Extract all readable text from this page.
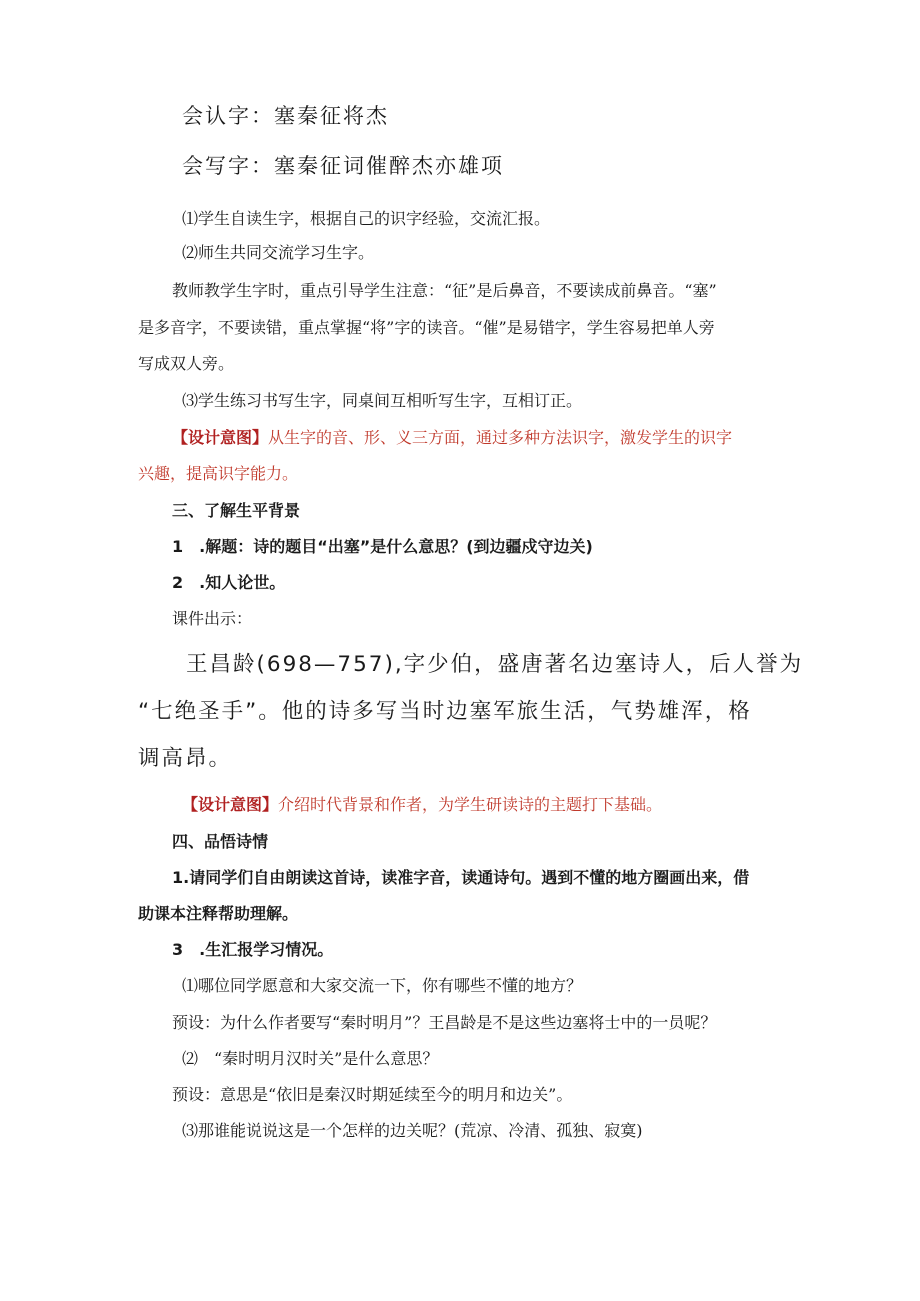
会认字：塞秦征将杰

会写字：塞秦征词催醉杰亦雄项

⑴学生自读生字，根据自己的识字经验，交流汇报。

⑵师生共同交流学习生字。

教师教学生字时，重点引导学生注意：“征”是后鼻音，不要读成前鼻音。“塞”

是多音字，不要读错，重点掌握“将”字的读音。“催”是易错字，学生容易把单人旁

写成双人旁。

⑶学生练习书写生字，同桌间互相听写生字，互相订正。

【设计意图】从生字的音、形、义三方面，通过多种方法识字，激发学生的识字

兴趣，提高识字能力。

三、了解生平背景

1　.解题：诗的题目“出塞”是什么意思？(到边疆戍守边关)

2　.知人论世。

课件出示：

王昌龄(698—757),字少伯，盛唐著名边塞诗人，后人誉为

“七绝圣手”。他的诗多写当时边塞军旅生活，气势雄浑，格

调高昂。

【设计意图】介绍时代背景和作者，为学生研读诗的主题打下基础。

四、品悟诗情

1.请同学们自由朗读这首诗，读准字音，读通诗句。遇到不懂的地方圈画出来，借

助课本注释帮助理解。

3　.生汇报学习情况。

⑴哪位同学愿意和大家交流一下，你有哪些不懂的地方？

预设：为什么作者要写“秦时明月”？王昌龄是不是这些边塞将士中的一员呢？

⑵　“秦时明月汉时关”是什么意思？

预设：意思是“依旧是秦汉时期延续至今的明月和边关”。

⑶那谁能说说这是一个怎样的边关呢？(荒凉、冷清、孤独、寂寞)
